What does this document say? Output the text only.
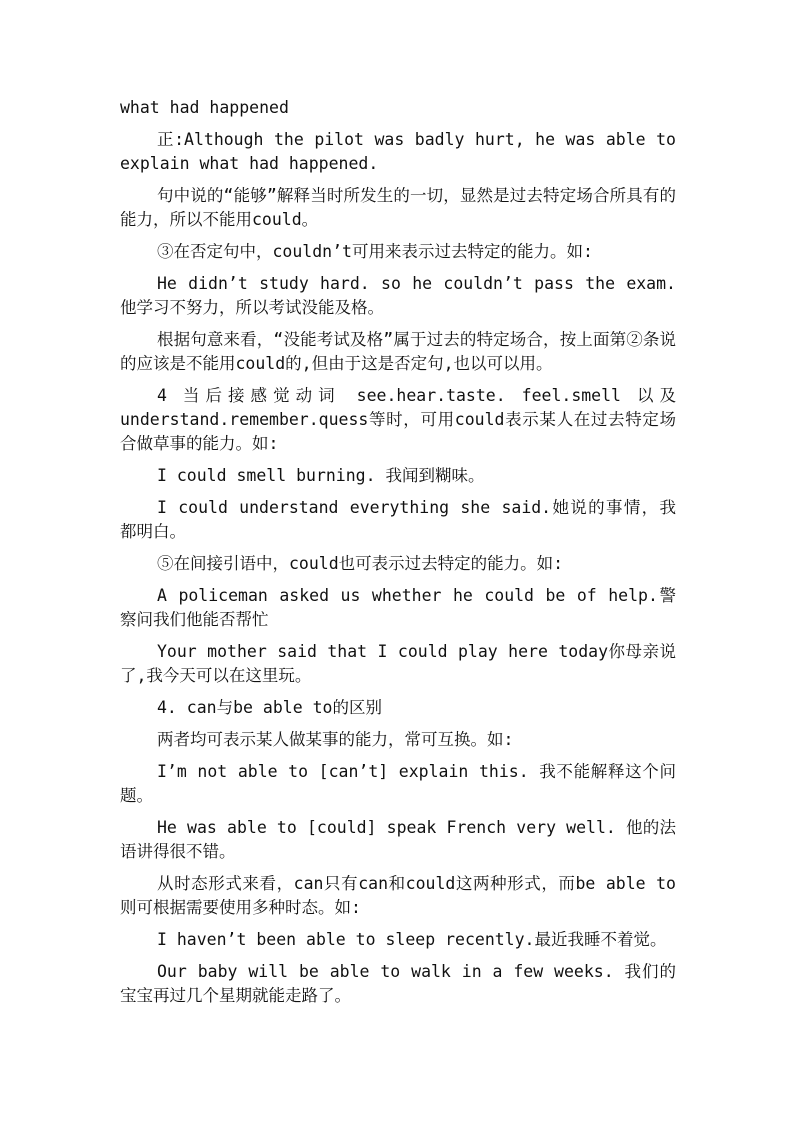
what had happened

正:Although the pilot was badly hurt, he was able to explain what had happened.

句中说的“能够”解释当时所发生的一切，显然是过去特定场合所具有的能力，所以不能用could。

③在否定句中，couldn’t可用来表示过去特定的能力。如:

He didn’t study hard. so he couldn’t pass the exam.他学习不努力，所以考试没能及格。

根据句意来看，“没能考试及格”属于过去的特定场合，按上面第②条说的应该是不能用could的,但由于这是否定句,也以可以用。

4 当后接感觉动词 see.hear.taste. feel.smell 以及 understand.remember.quess等时，可用could表示某人在过去特定场合做草事的能力。如:

I could smell burning. 我闻到糊味。

I could understand everything she said.她说的事情，我都明白。

⑤在间接引语中，could也可表示过去特定的能力。如:

A policeman asked us whether he could be of help.警察问我们他能否帮忙

Your mother said that I could play here today你母亲说了,我今天可以在这里玩。

4. can与be able to的区别

两者均可表示某人做某事的能力，常可互换。如:

I’m not able to [can’t] explain this. 我不能解释这个问题。

He was able to [could] speak French very well. 他的法语讲得很不错。

从时态形式来看，can只有can和could这两种形式，而be able to则可根据需要使用多种时态。如:

I haven’t been able to sleep recently.最近我睡不着觉。

Our baby will be able to walk in a few weeks. 我们的宝宝再过几个星期就能走路了。
